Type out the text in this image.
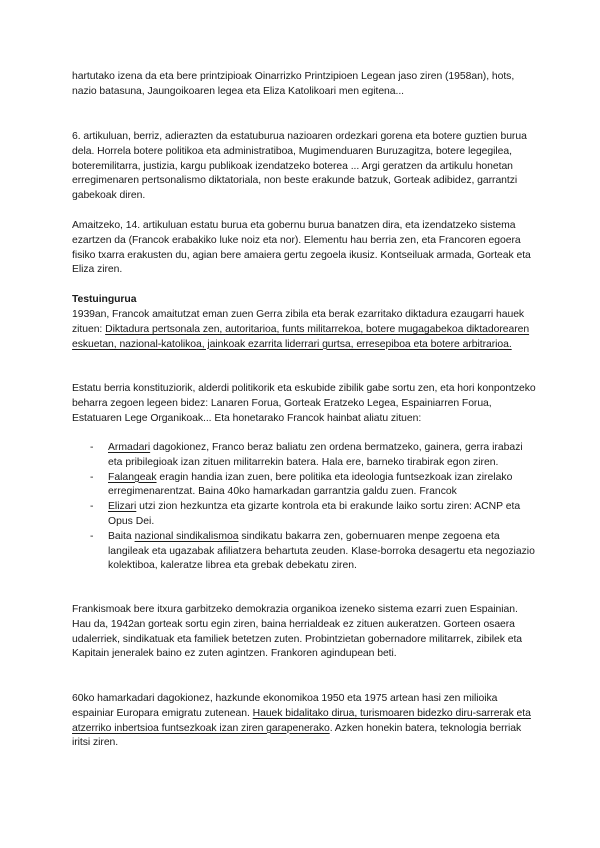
hartutako izena da eta bere printzipioak Oinarrizko Printzipioen Legean jaso ziren (1958an), hots, nazio batasuna, Jaungoikoaren legea eta Eliza Katolikoari men egitena...

6. artikuluan, berriz, adierazten da estatuburua nazioaren ordezkari gorena eta botere guztien burua dela. Horrela botere politikoa eta administratiboa, Mugimenduaren Buruzagitza, botere legegilea, boteremilitarra, justizia, kargu publikoak izendatzeko boterea ... Argi geratzen da artikulu honetan erregimenaren pertsonalismo diktatoriala, non beste erakunde batzuk, Gorteak adibidez, garrantzi gabekoak diren.

Amaitzeko, 14. artikuluan estatu burua eta gobernu burua banatzen dira, eta izendatzeko sistema ezartzen da (Francok erabakiko luke noiz eta nor). Elementu hau berria zen, eta Francoren egoera fisiko txarra erakusten du, agian bere amaiera gertu zegoela ikusiz. Kontseiluak armada, Gorteak eta Eliza ziren.

Testuingurua

1939an, Francok amaitutzat eman zuen Gerra zibila eta berak ezarritako diktadura ezaugarri hauek zituen: Diktadura pertsonala zen, autoritarioa, funts militarrekoa, botere mugagabekoa diktadorearen eskuetan, nazional-katolikoa, jainkoak ezarrita liderrari gurtsa, erresepiboa eta botere arbitrarioa.

Estatu berria konstituziorik, alderdi politikorik eta eskubide zibilik gabe sortu zen, eta hori konpontzeko beharra zegoen legeen bidez: Lanaren Forua, Gorteak Eratzeko Legea, Espainiarren Forua, Estatuaren Lege Organikoak... Eta honetarako Francok hainbat aliatu zituen:

- Armadari dagokionez, Franco beraz baliatu zen ordena bermatzeko, gainera, gerra irabazi eta pribilegioak izan zituen militarrekin batera. Hala ere, barneko tirabirak egon ziren.
- Falangeak eragin handia izan zuen, bere politika eta ideologia funtsezkoak izan zirelako erregimenarentzat. Baina 40ko hamarkadan garrantzia galdu zuen. Francok
- Elizari utzi zion hezkuntza eta gizarte kontrola eta bi erakunde laiko sortu ziren: ACNP eta Opus Dei.
- Baita nazional sindikalismoa sindikatu bakarra zen, gobernuaren menpe zegoena eta langileak eta ugazabak afiliatzera behartuta zeuden. Klase-borroka desagertu eta negoziazio kolektiboa, kaleratze librea eta grebak debekatu ziren.

Frankismoak bere itxura garbitzeko demokrazia organikoa izeneko sistema ezarri zuen Espainian. Hau da, 1942an gorteak sortu egin ziren, baina herrialdeak ez zituen aukeratzen. Gorteen osaera udalerriek, sindikatuak eta familiek betetzen zuten. Probintzietan gobernadore militarrek, zibilek eta Kapitain jeneralek baino ez zuten agintzen. Frankoren agindupean beti.

60ko hamarkadari dagokionez, hazkunde ekonomikoa 1950 eta 1975 artean hasi zen milioika espainiar Europara emigratu zutenean. Hauek bidalitako dirua, turismoaren bidezko diru-sarrerak eta atzerriko inbertsioa funtsezkoak izan ziren garapenerako. Azken honekin batera, teknologia berriak iritsi ziren.
